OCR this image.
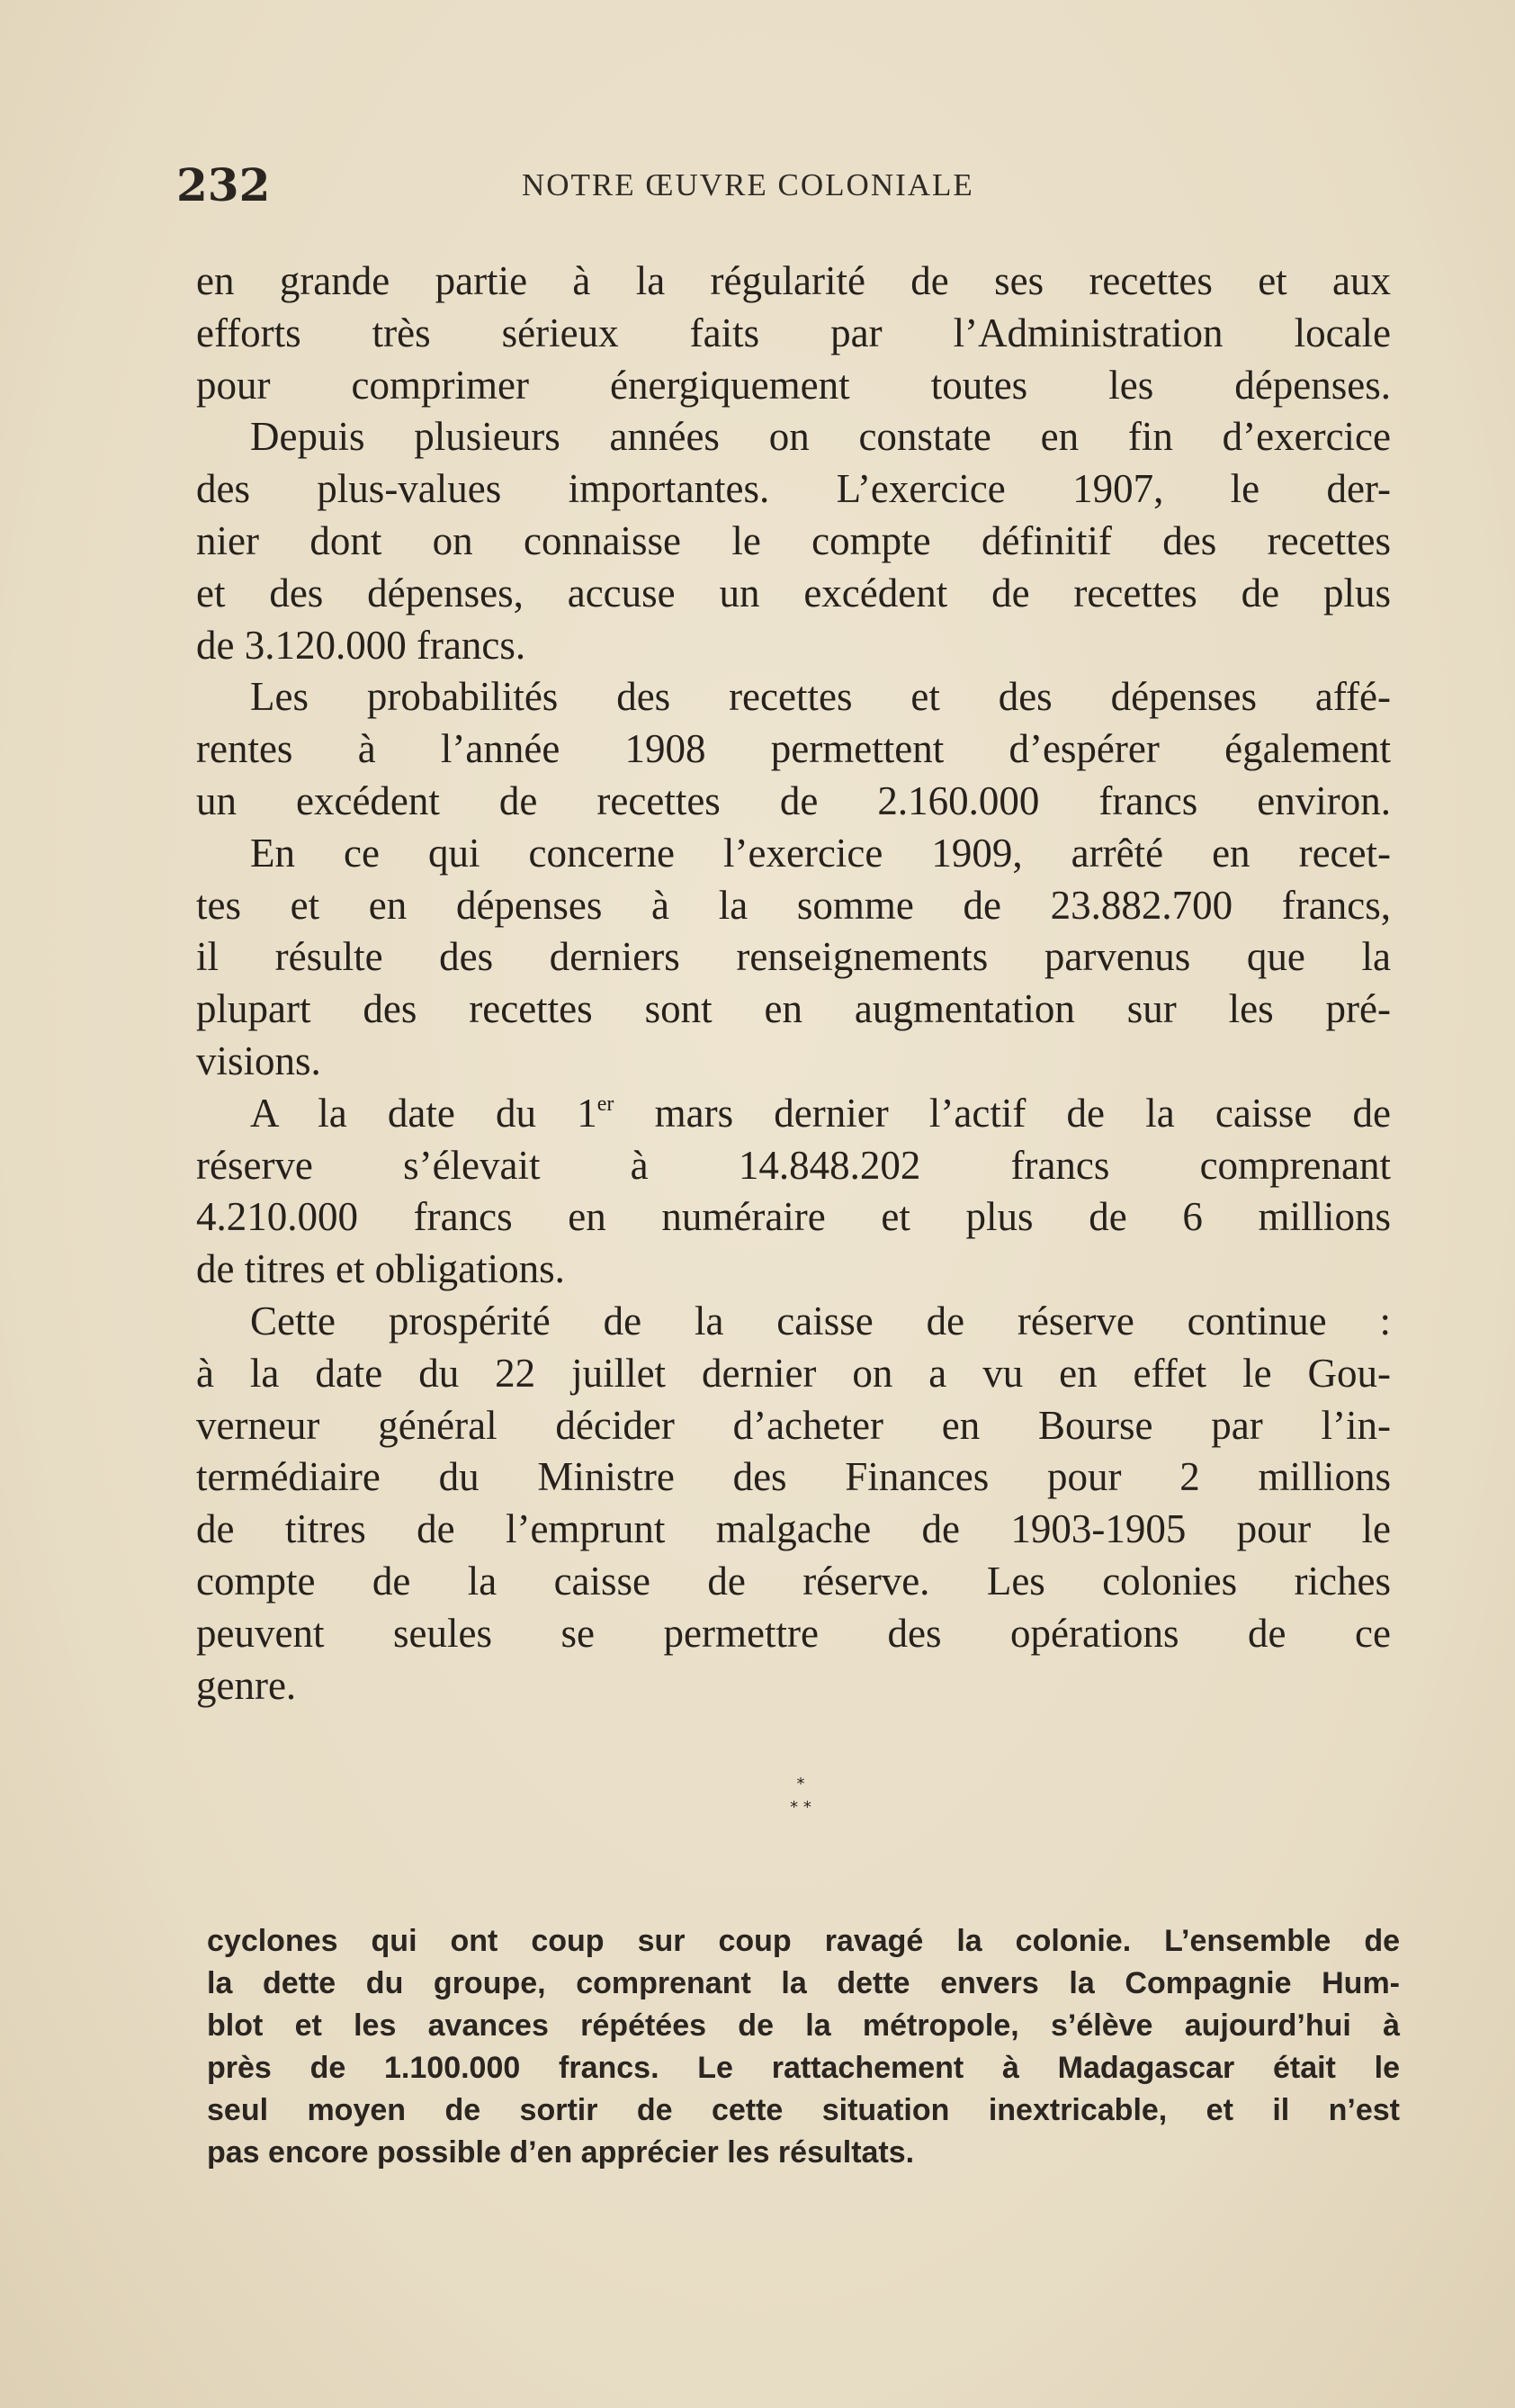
232	NOTRE ŒUVRE COLONIALE
en grande partie à la régularité de ses recettes et aux
efforts très sérieux faits par l’Administration locale
pour comprimer énergiquement toutes les dépenses.
Depuis plusieurs années on constate en fin d’exercice
des plus-values importantes. L’exercice 1907, le der-
nier dont on connaisse le compte définitif des recettes
et des dépenses, accuse un excédent de recettes de plus
de 3.120.000 francs.
Les probabilités des recettes et des dépenses affé-
rentes à l’année 1908 permettent d’espérer également
un excédent de recettes de 2.160.000 francs environ.
En ce qui concerne l’exercice 1909, arrêté en recet-
tes et en dépenses à la somme de 23.882.700 francs,
il résulte des derniers renseignements parvenus que la
plupart des recettes sont en augmentation sur les pré-
visions.
A la date du 1er mars dernier l’actif de la caisse de
réserve s’élevait à 14.848.202 francs comprenant
4.210.000 francs en numéraire et plus de 6 millions
de titres et obligations.
Cette prospérité de la caisse de réserve continue :
à la date du 22 juillet dernier on a vu en effet le Gou-
verneur général décider d’acheter en Bourse par l’in-
termédiaire du Ministre des Finances pour 2 millions
de titres de l’emprunt malgache de 1903-1905 pour le
compte de la caisse de réserve. Les colonies riches
peuvent seules se permettre des opérations de ce
genre.
*
* *
cyclones qui ont coup sur coup ravagé la colonie. L’ensemble de
la dette du groupe, comprenant la dette envers la Compagnie Hum-
blot et les avances répétées de la métropole, s’élève aujourd’hui à
près de 1.100.000 francs. Le rattachement à Madagascar était le
seul moyen de sortir de cette situation inextricable, et il n’est
pas encore possible d’en apprécier les résultats.
